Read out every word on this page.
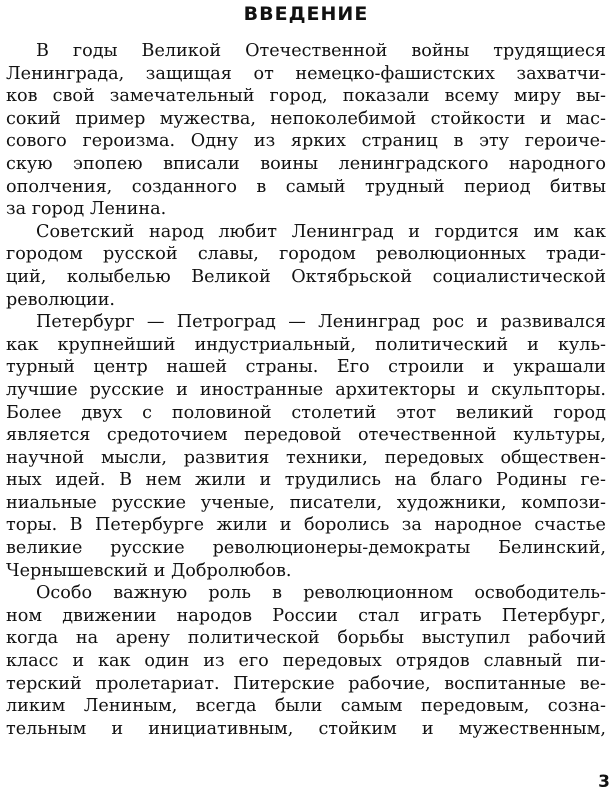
ВВЕДЕНИЕ
В годы Великой Отечественной войны трудящиеся
Ленинграда, защищая от немецко-фашистских захватчи-
ков свой замечательный город, показали всему миру вы-
сокий пример мужества, непоколебимой стойкости и мас-
сового героизма. Одну из ярких страниц в эту героиче-
скую эпопею вписали воины ленинградского народного
ополчения, созданного в самый трудный период битвы
за город Ленина.
Советский народ любит Ленинград и гордится им как
городом русской славы, городом революционных тради-
ций, колыбелью Великой Октябрьской социалистической
революции.
Петербург — Петроград — Ленинград рос и развивался
как крупнейший индустриальный, политический и куль-
турный центр нашей страны. Его строили и украшали
лучшие русские и иностранные архитекторы и скульпторы.
Более двух с половиной столетий этот великий город
является средоточием передовой отечественной культуры,
научной мысли, развития техники, передовых обществен-
ных идей. В нем жили и трудились на благо Родины ге-
ниальные русские ученые, писатели, художники, компози-
торы. В Петербурге жили и боролись за народное счастье
великие русские революционеры-демократы Белинский,
Чернышевский и Добролюбов.
Особо важную роль в революционном освободитель-
ном движении народов России стал играть Петербург,
когда на арену политической борьбы выступил рабочий
класс и как один из его передовых отрядов славный пи-
терский пролетариат. Питерские рабочие, воспитанные ве-
ликим Лениным, всегда были самым передовым, созна-
тельным и инициативным, стойким и мужественным,
3
